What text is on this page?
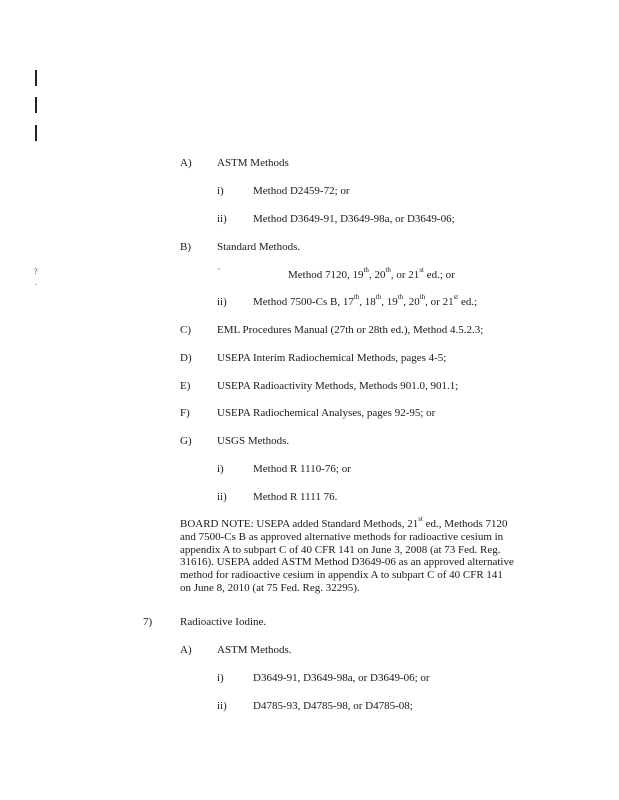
?
.
A) ASTM Methods
i)	Method D2459-72; or
ii) Method D3649-91, D3649-98a, or D3649-06;
B) Standard Methods.
¨	Method 7120, 19th, 20th, or 21st ed.; or
ii) Method 7500-Cs B, 17th, 18th, 19th, 20th, or 21st ed.;
C) EML Procedures Manual (27th or 28th ed.), Method 4.5.2.3;
D) USEPA Interim Radiochemical Methods, pages 4-5;
E) USEPA Radioactivity Methods, Methods 901.0, 901.1;
F) USEPA Radiochemical Analyses, pages 92-95; or
G) USGS Methods.
i)	Method R 1110-76; or
ii) Method R 1111 76.
BOARD NOTE: USEPA added Standard Methods, 21st ed., Methods 7120 and 7500-Cs B as approved alternative methods for radioactive cesium in appendix A to subpart C of 40 CFR 141 on June 3, 2008 (at 73 Fed. Reg. 31616). USEPA added ASTM Method D3649-06 as an approved alternative method for radioactive cesium in appendix A to subpart C of 40 CFR 141 on June 8, 2010 (at 75 Fed. Reg. 32295).
7)	Radioactive Iodine.
A) ASTM Methods.
i)	D3649-91, D3649-98a, or D3649-06; or
ii) D4785-93, D4785-98, or D4785-08;
